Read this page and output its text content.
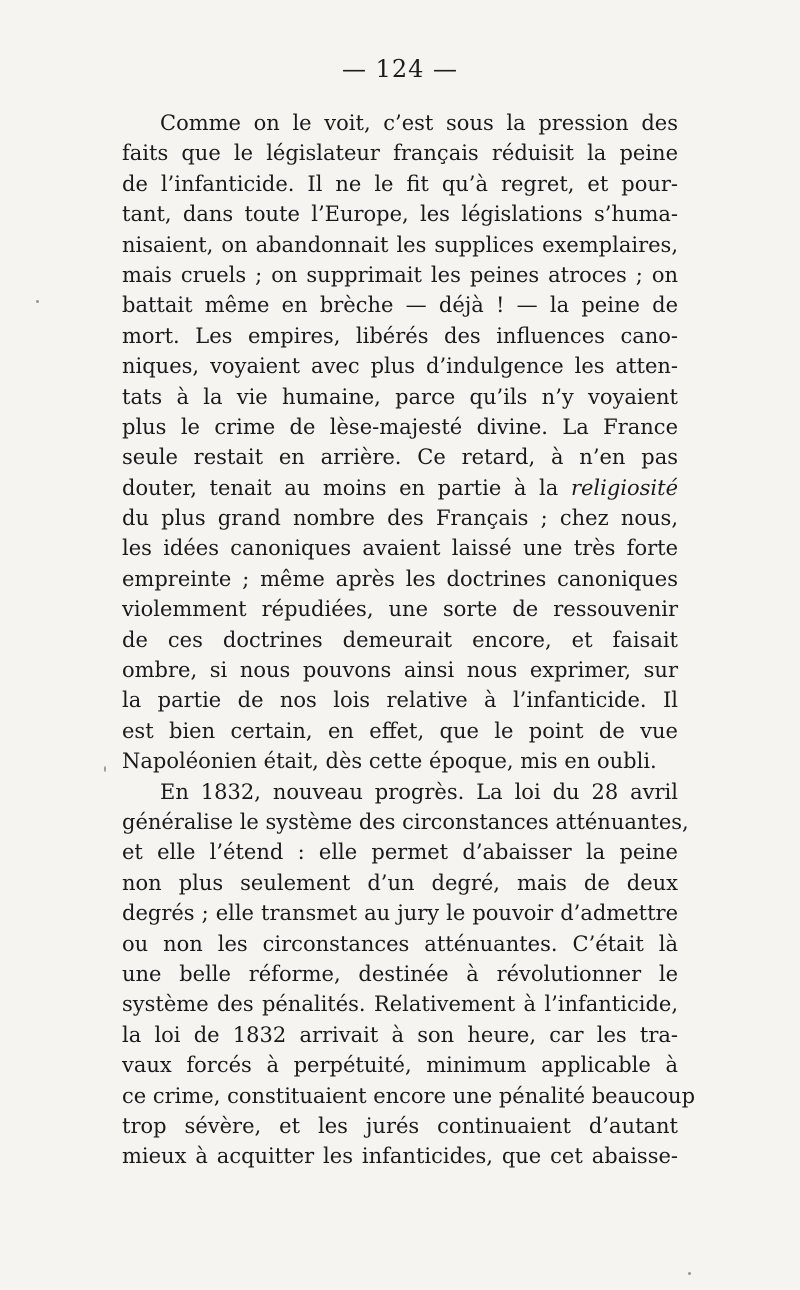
— 124 —
Comme on le voit, c’est sous la pression des
faits que le législateur français réduisit la peine
de l’infanticide. Il ne le fit qu’à regret, et pour-
tant, dans toute l’Europe, les législations s’huma-
nisaient, on abandonnait les supplices exemplaires,
mais cruels ; on supprimait les peines atroces ; on
battait même en brèche — déjà ! — la peine de
mort. Les empires, libérés des influences cano-
niques, voyaient avec plus d’indulgence les atten-
tats à la vie humaine, parce qu’ils n’y voyaient
plus le crime de lèse-majesté divine. La France
seule restait en arrière. Ce retard, à n’en pas
douter, tenait au moins en partie à la religiosité
du plus grand nombre des Français ; chez nous,
les idées canoniques avaient laissé une très forte
empreinte ; même après les doctrines canoniques
violemment répudiées, une sorte de ressouvenir
de ces doctrines demeurait encore, et faisait
ombre, si nous pouvons ainsi nous exprimer, sur
la partie de nos lois relative à l’infanticide. Il
est bien certain, en effet, que le point de vue
Napoléonien était, dès cette époque, mis en oubli.
En 1832, nouveau progrès. La loi du 28 avril
généralise le système des circonstances atténuantes,
et elle l’étend : elle permet d’abaisser la peine
non plus seulement d’un degré, mais de deux
degrés ; elle transmet au jury le pouvoir d’admettre
ou non les circonstances atténuantes. C’était là
une belle réforme, destinée à révolutionner le
système des pénalités. Relativement à l’infanticide,
la loi de 1832 arrivait à son heure, car les tra-
vaux forcés à perpétuité, minimum applicable à
ce crime, constituaient encore une pénalité beaucoup
trop sévère, et les jurés continuaient d’autant
mieux à acquitter les infanticides, que cet abaisse-
